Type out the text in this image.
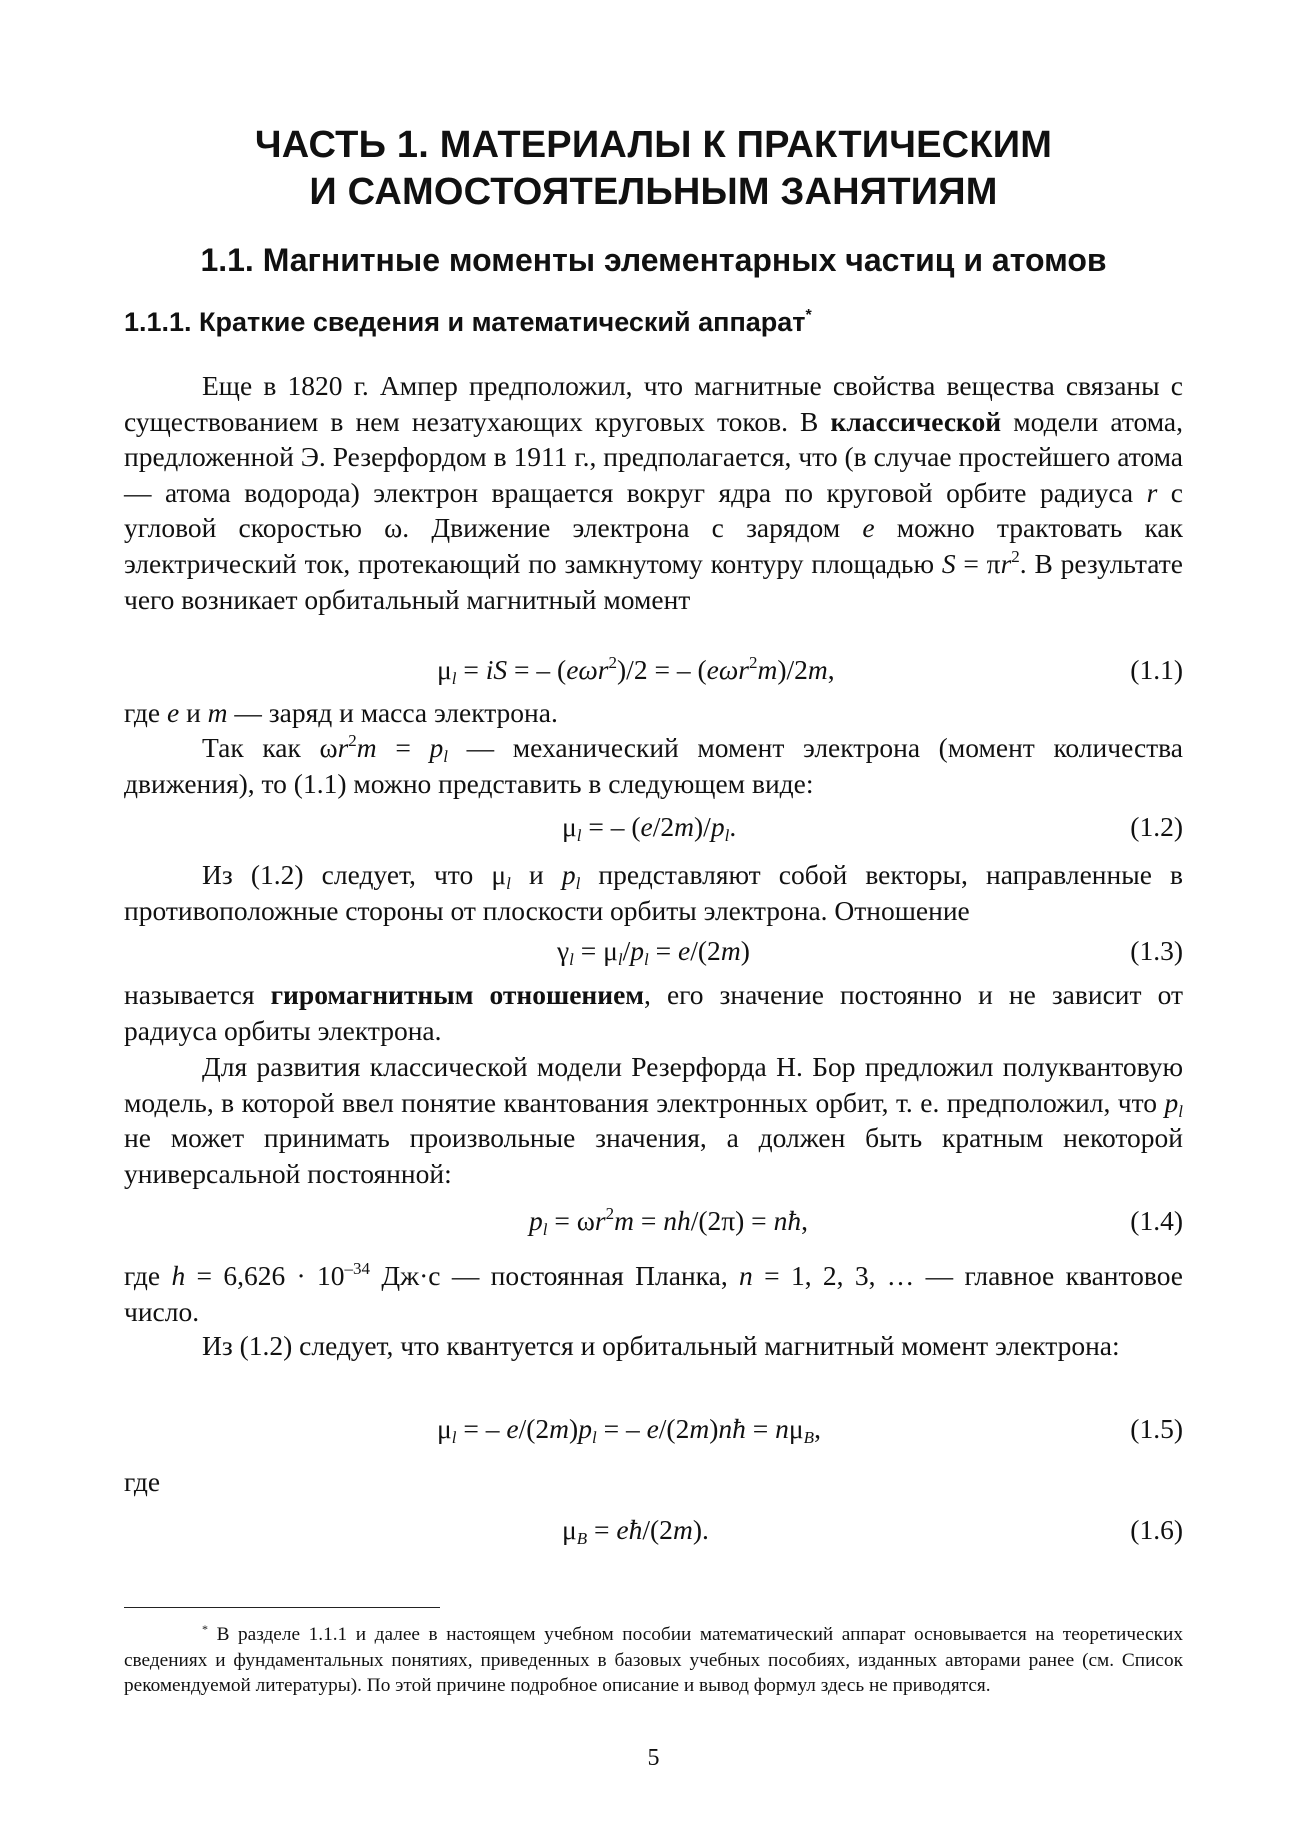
ЧАСТЬ 1. МАТЕРИАЛЫ К ПРАКТИЧЕСКИМ
И САМОСТОЯТЕЛЬНЫМ ЗАНЯТИЯМ
1.1. Магнитные моменты элементарных частиц и атомов
1.1.1. Краткие сведения и математический аппарат*

Еще в 1820 г. Ампер предположил, что магнитные свойства вещества связаны с существованием в нем незатухающих круговых токов. В классической модели атома, предложенной Э. Резерфордом в 1911 г., предполагается, что (в случае простейшего атома — атома водорода) электрон вращается вокруг ядра по круговой орбите радиуса r с угловой скоростью ω. Движение электрона с зарядом e можно трактовать как электрический ток, протекающий по замкнутому контуру площадью $S = \pi r^2$. В результате чего возникает орбитальный магнитный момент

$\mu_l$ = iS = – (eωr$^2$)/2 = – (eωr$^2$m)/2m,	(1.1)

где e и m — заряд и масса электрона.

Так как $\omega r^2m = p_l$ — механический момент электрона (момент количества движения), то (1.1) можно представить в следующем виде:

$\mu_l$ = – $(e/2m)/p_l$.	(1.2)

Из (1.2) следует, что $\mu_l$ и $p_l$ представляют собой векторы, направленные в противоположные стороны от плоскости орбиты электрона. Отношение

$\gamma_l = \mu_l/p_l = e/(2m)$	(1.3)

называется гиромагнитным отношением, его значение постоянно и не зависит от радиуса орбиты электрона.

Для развития классической модели Резерфорда Н. Бор предложил полуквантовую модель, в которой ввел понятие квантования электронных орбит, т. е. предположил, что $p_l$ не может принимать произвольные значения, а должен быть кратным некоторой универсальной постоянной:

$p_l = \omega r^2m = nh/(2\pi)$ = nħ,	(1.4)

где $h = 6,626 \cdot 10^{-34}$ Дж·с — постоянная Планка, n = 1, 2, 3, … — главное квантовое число.

Из (1.2) следует, что квантуется и орбитальный магнитный момент электрона:

$\mu_l$ = – $e/(2m)p_l$ = – e/(2m)nħ = $n\mu_B$,	(1.5)

где

$\mu_B$ = eħ/(2m).	(1.6)

* В разделе 1.1.1 и далее в настоящем учебном пособии математический аппарат основывается на теоретических сведениях и фундаментальных понятиях, приведенных в базовых учебных пособиях, изданных авторами ранее (см. Список рекомендуемой литературы). По этой причине подробное описание и вывод формул здесь не приводятся.

5
